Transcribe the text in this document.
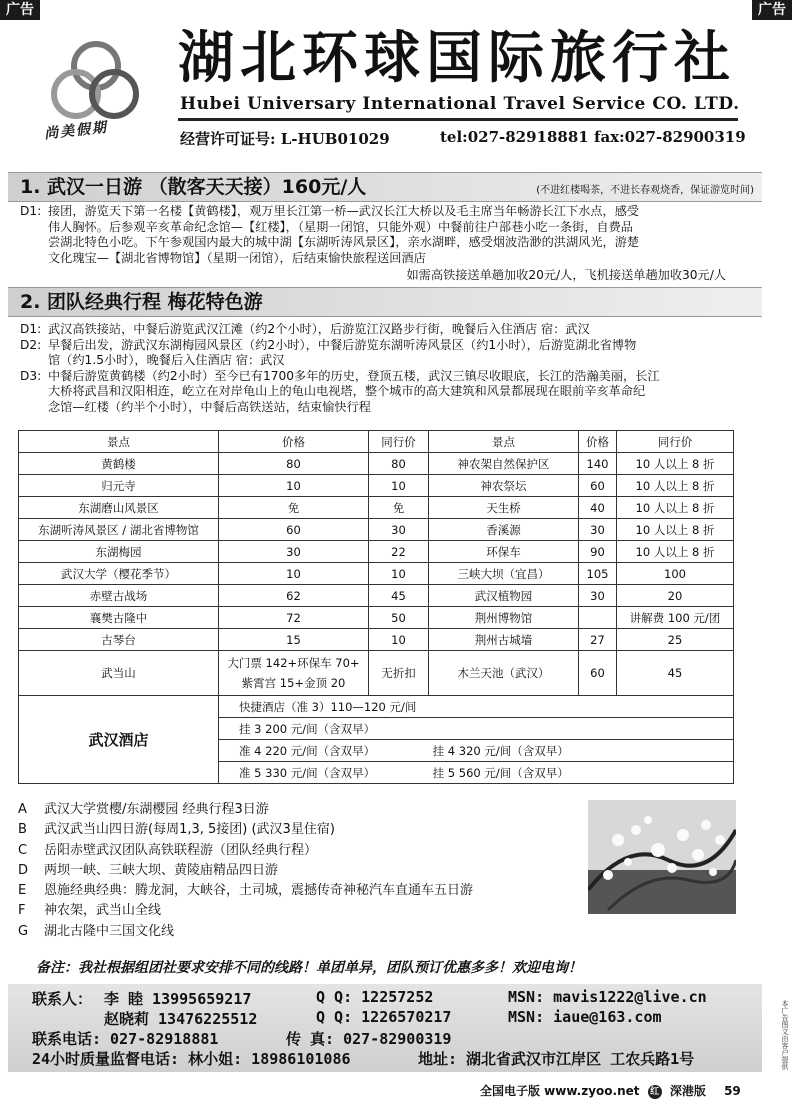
广告	广告
尚美假期
湖北环球国际旅行社
Hubei Universary International Travel Service CO. LTD.
经营许可证号: L-HUB01029	tel:027-82918881 fax:027-82900319
1. 武汉一日游 （散客天天接）160元/人	(不进红楼喝茶，不进长春观烧香，保证游览时间)
D1: 接团，游览天下第一名楼【黄鹤楼】，观万里长江第一桥—武汉长江大桥以及毛主席当年畅游长江下水点，感受
伟人胸怀。后参观辛亥革命纪念馆—【红楼】，（星期一闭馆，只能外观）中餐前往户部巷小吃一条街，自费品
尝湖北特色小吃。下午参观国内最大的城中湖【东湖听涛风景区】，亲水湖畔，感受烟波浩渺的洪湖风光，游楚
文化瑰宝—【湖北省博物馆】（星期一闭馆），后结束愉快旅程送回酒店
如需高铁接送单趟加收20元/人，飞机接送单趟加收30元/人
2. 团队经典行程 梅花特色游
D1: 武汉高铁接站，中餐后游览武汉江滩（约2个小时），后游览江汉路步行街，晚餐后入住酒店 宿：武汉
D2: 早餐后出发，游武汉东湖梅园风景区（约2小时），中餐后游览东湖听涛风景区（约1小时），后游览湖北省博物
馆（约1.5小时），晚餐后入住酒店 宿：武汉
D3: 中餐后游览黄鹤楼（约2小时）至今已有1700多年的历史，登顶五楼，武汉三镇尽收眼底，长江的浩瀚美丽，长江
大桥将武昌和汉阳相连，屹立在对岸龟山上的龟山电视塔，整个城市的高大建筑和风景都展现在眼前辛亥革命纪
念馆—红楼（约半个小时），中餐后高铁送站，结束愉快行程
景点	价格	同行价	景点	价格	同行价
黄鹤楼	80	80	神农架自然保护区	140	10 人以上 8 折
归元寺	10	10	神农祭坛	60	10 人以上 8 折
东湖磨山风景区	免	免	天生桥	40	10 人以上 8 折
东湖听涛风景区 / 湖北省博物馆	60	30	香溪源	30	10 人以上 8 折
东湖梅园	30	22	环保车	90	10 人以上 8 折
武汉大学（樱花季节）	10	10	三峡大坝（宜昌）	105	100
赤壁古战场	62	45	武汉植物园	30	20
襄樊古隆中	72	50	荆州博物馆		讲解费 100 元/团
古琴台	15	10	荆州古城墙	27	25
武当山	大门票 142+环保车 70+
紫霄宫 15+金顶 20	无折扣	木兰天池（武汉）	60	45
武汉酒店	快捷酒店（准 3）110—120 元/间				
	挂 3 200 元/间（含双早）				
	准 4 220 元/间（含双早） 挂 4 320 元/间（含双早）				
	准 5 330 元/间（含双早） 挂 5 560 元/间（含双早）				
A 武汉大学赏樱/东湖樱园 经典行程3日游
B 武汉武当山四日游(每周1,3, 5接团) (武汉3星住宿)
C 岳阳赤壁武汉团队高铁联程游（团队经典行程）
D 两坝一峡、三峡大坝、黄陵庙精品四日游
E 恩施经典经典：腾龙洞，大峡谷，土司城，震撼传奇神秘汽车直通车五日游
F 神农架，武当山全线
G 湖北古隆中三国文化线
备注：我社根据组团社要求安排不同的线路！单团单异，团队预订优惠多多！欢迎电询！
联系人： 李 睦 13995659217	Q Q: 12257252	MSN: mavis1222@live.cn
赵晓莉 13476225512	Q Q: 1226570217	MSN: iaue@163.com
联系电话: 027-82918881	传 真: 027-82900319
24小时质量监督电话: 林小姐: 18986101086	地址: 湖北省武汉市江岸区 工农兵路1号
全国电子版 www.zyoo.net 红 深港版 59
本广告图文由客户提供
